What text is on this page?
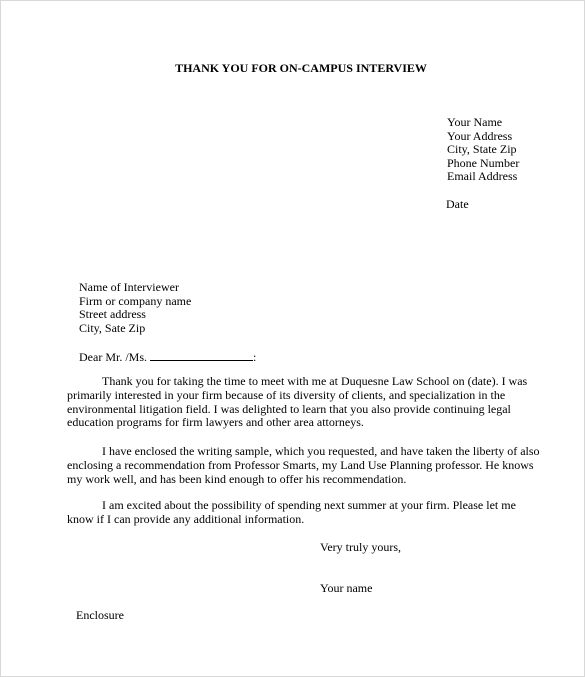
THANK YOU FOR ON-CAMPUS INTERVIEW
Your Name
Your Address
City, State Zip
Phone Number
Email Address
Date
Name of Interviewer
Firm or company name
Street address
City, Sate Zip
Dear Mr. /Ms.	:
Thank you for taking the time to meet with me at Duquesne Law School on (date). I was
primarily interested in your firm because of its diversity of clients, and specialization in the
environmental litigation field. I was delighted to learn that you also provide continuing legal
education programs for firm lawyers and other area attorneys.
I have enclosed the writing sample, which you requested, and have taken the liberty of also
enclosing a recommendation from Professor Smarts, my Land Use Planning professor. He knows
my work well, and has been kind enough to offer his recommendation.
I am excited about the possibility of spending next summer at your firm. Please let me
know if I can provide any additional information.
Very truly yours,
Your name
Enclosure
